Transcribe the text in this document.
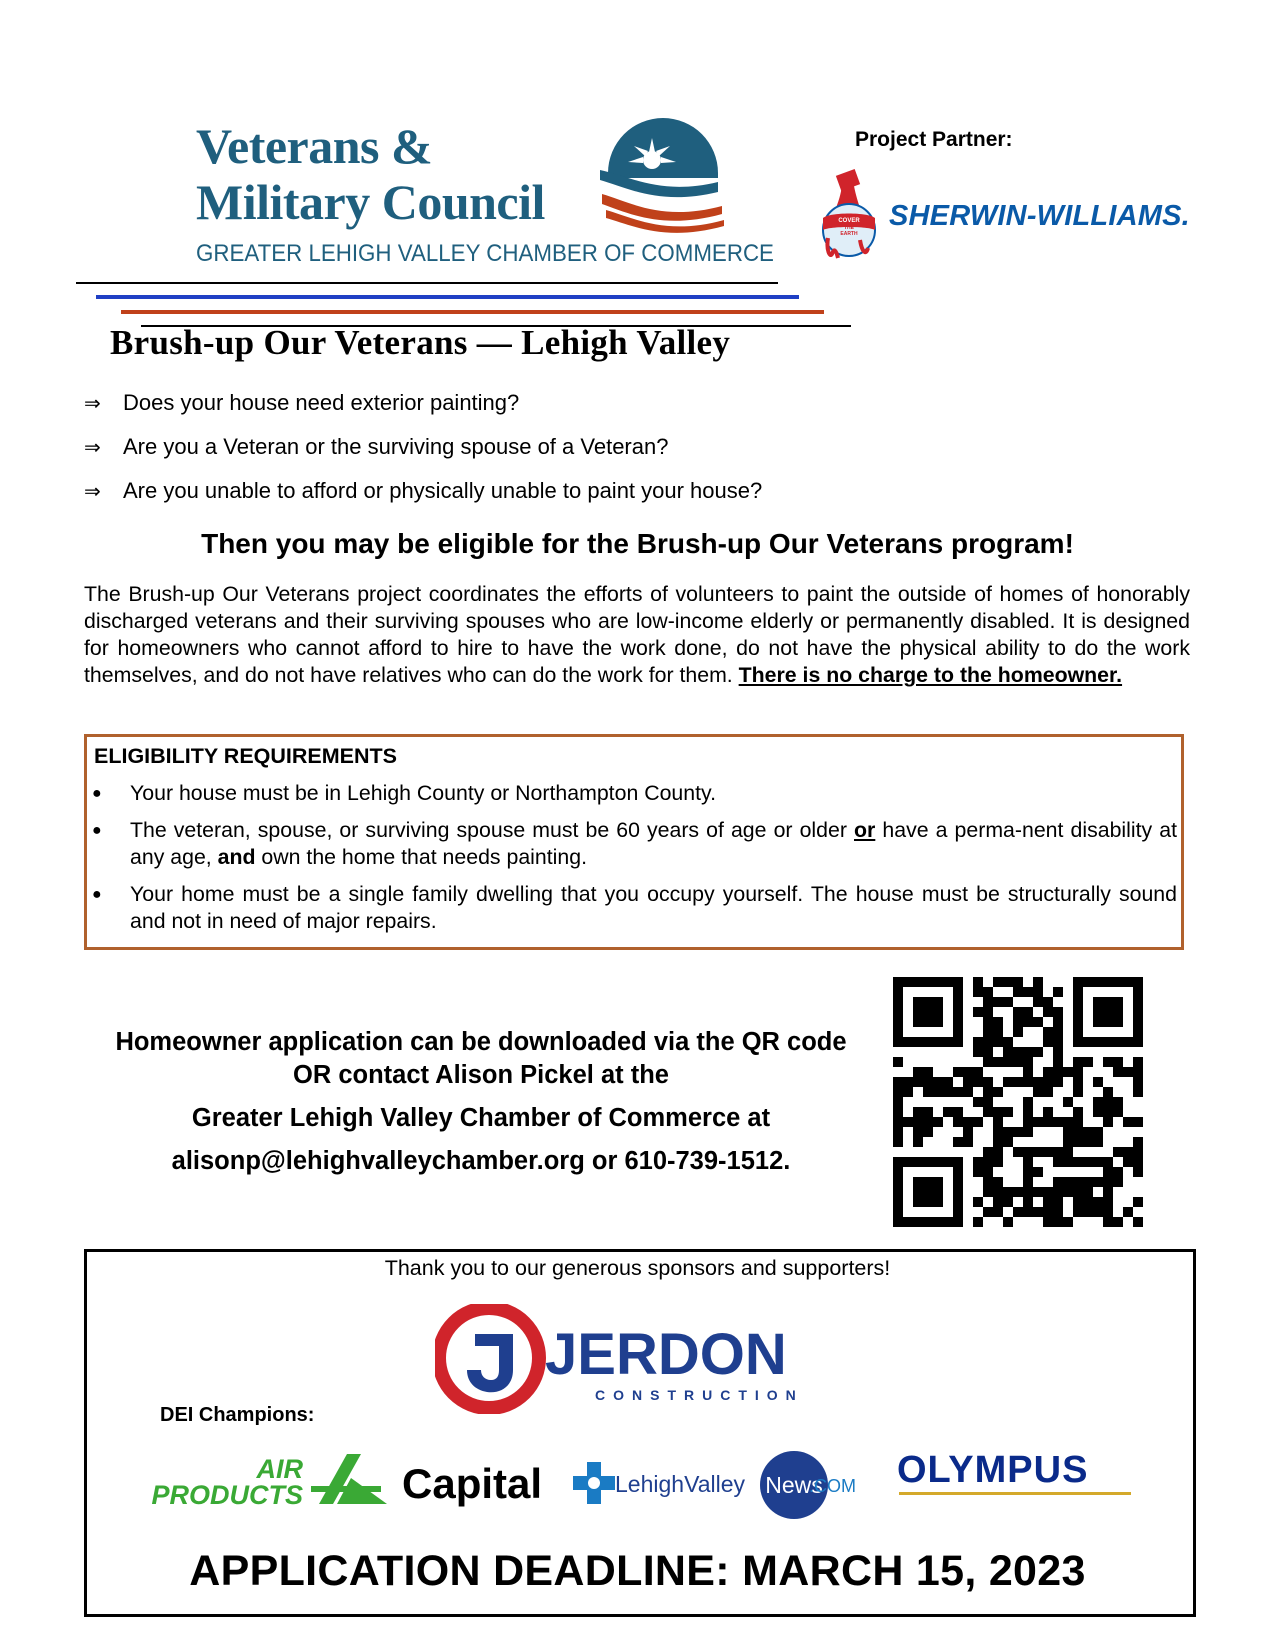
Veterans &
Military Council
GREATER LEHIGH VALLEY CHAMBER OF COMMERCE
Project Partner:
COVER
THE
EARTH
SHERWIN-WILLIAMS.
Brush-up Our Veterans — Lehigh Valley
⇒	Does your house need exterior painting?
⇒	Are you a Veteran or the surviving spouse of a Veteran?
⇒	Are you unable to afford or physically unable to paint your house?
Then you may be eligible for the Brush-up Our Veterans program!
The Brush-up Our Veterans project coordinates the efforts of volunteers to paint the outside of homes of honorably discharged veterans and their surviving spouses who are low-income elderly or permanently disabled. It is designed for homeowners who cannot afford to hire to have the work done, do not have the physical ability to do the work themselves, and do not have relatives who can do the work for them. There is no charge to the homeowner.
ELIGIBILITY REQUIREMENTS
●	Your house must be in Lehigh County or Northampton County.
●	The veteran, spouse, or surviving spouse must be 60 years of age or older or have a perma-nent disability at any age, and own the home that needs painting.
●	Your home must be a single family dwelling that you occupy yourself. The house must be structurally sound and not in need of major repairs.
Homeowner application can be downloaded via the QR code OR contact Alison Pickel at the
Greater Lehigh Valley Chamber of Commerce at
alisonp@lehighvalleychamber.org or 610-739-1512.
Thank you to our generous sponsors and supporters!
JERDON
CONSTRUCTION
DEI Champions:
AIR
PRODUCTS Capital	LehighValley News
.COM OLYMPUS
APPLICATION DEADLINE: MARCH 15, 2023
